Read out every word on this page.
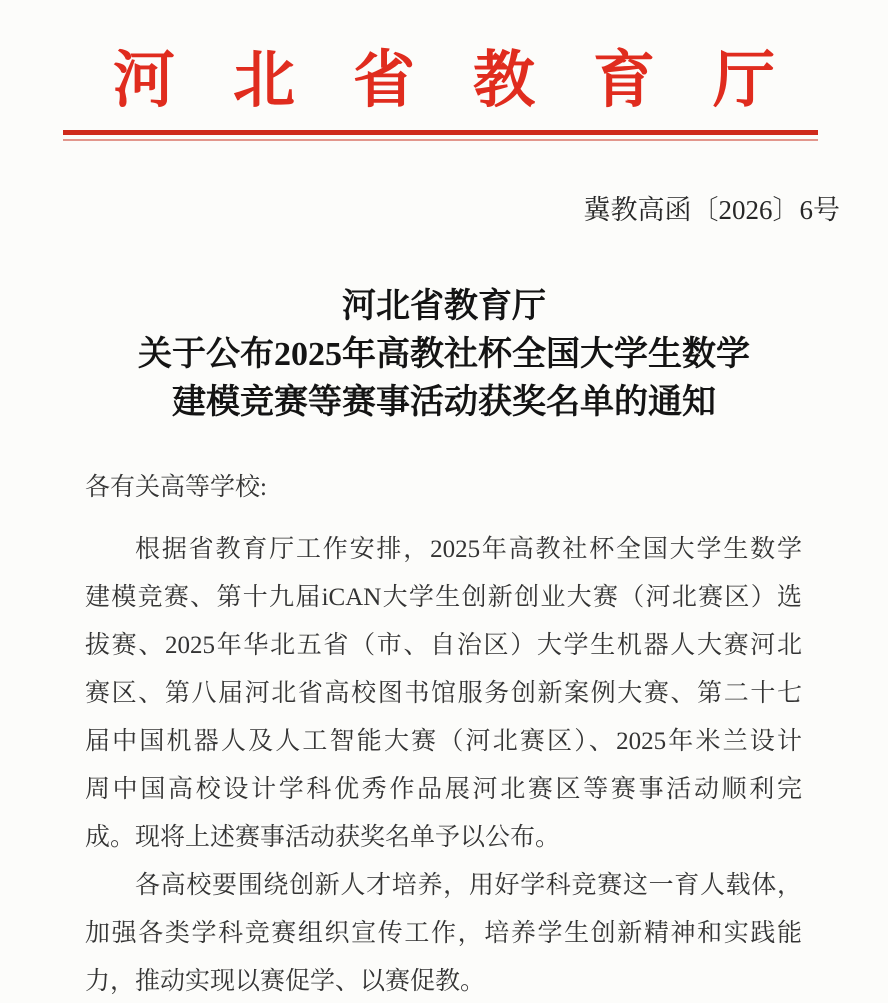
河北省教育厅
冀教高函〔2026〕6号
河北省教育厅
关于公布2025年高教社杯全国大学生数学
建模竞赛等赛事活动获奖名单的通知
各有关高等学校:
根据省教育厅工作安排，2025年高教社杯全国大学生数学
建模竞赛、第十九届iCAN大学生创新创业大赛（河北赛区）选
拔赛、2025年华北五省（市、自治区）大学生机器人大赛河北
赛区、第八届河北省高校图书馆服务创新案例大赛、第二十七
届中国机器人及人工智能大赛（河北赛区）、2025年米兰设计
周中国高校设计学科优秀作品展河北赛区等赛事活动顺利完
成。现将上述赛事活动获奖名单予以公布。
各高校要围绕创新人才培养，用好学科竞赛这一育人载体，
加强各类学科竞赛组织宣传工作，培养学生创新精神和实践能
力，推动实现以赛促学、以赛促教。
